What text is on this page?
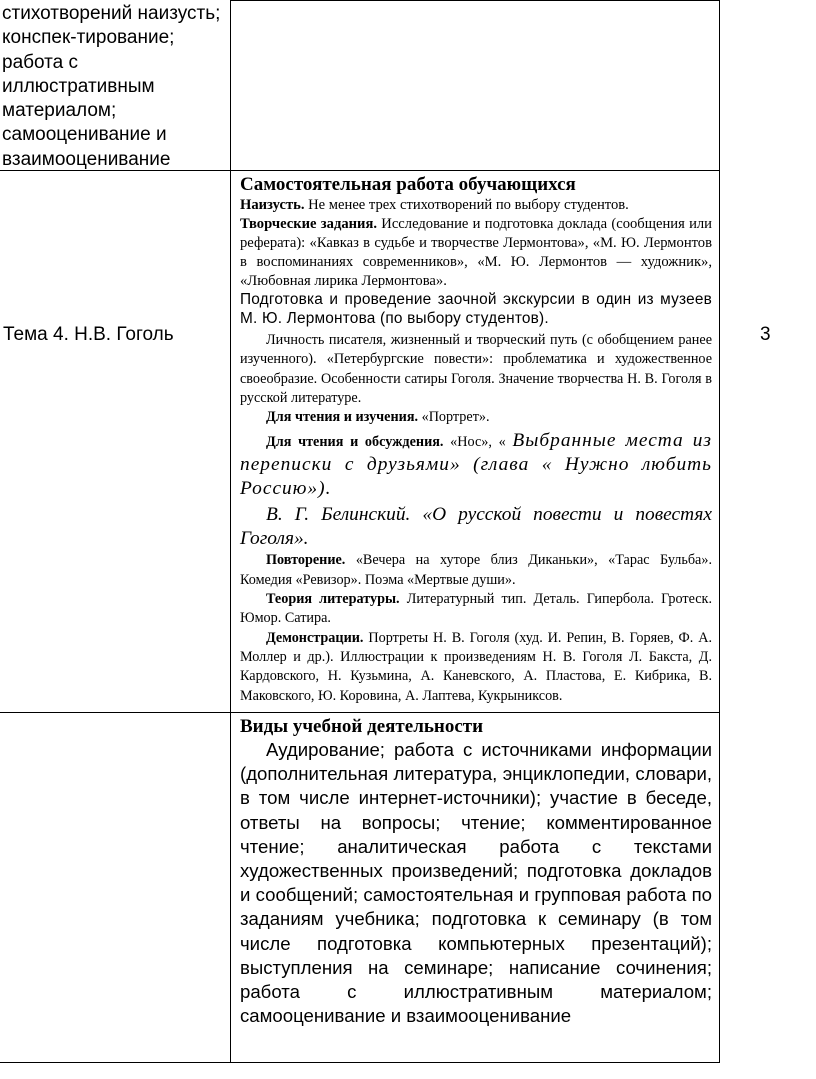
стихотворений наизусть; конспек-тирование; работа с иллюстративным материалом; самооценивание и взаимооценивание
Самостоятельная работа обучающихся

Наизусть. Не менее трех стихотворений по выбору студентов.

Творческие задания. Исследование и подготовка доклада (сообщения или реферата): «Кавказ в судьбе и творчестве Лермонтова», «М. Ю. Лермонтов в воспоминаниях современников», «М. Ю. Лермонтов — художник», «Любовная лирика Лермонтова».

Подготовка и проведение заочной экскурсии в один из музеев М. Ю. Лермонтова (по выбору студентов).

Тема 4. Н.В. Гоголь	3

Личность писателя, жизненный и творческий путь (с обобщением ранее изученного). «Петербургские повести»: проблематика и художественное своеобразие. Особенности сатиры Гоголя. Значение творчества Н. В. Гоголя в русской литературе.

Для чтения и изучения. «Портрет».

Для чтения и обсуждения. «Нос», « Выбранные места из переписки с друзьями» (глава « Нужно любить Россию»).

В. Г. Белинский. «О русской повести и повестях Гоголя».

Повторение. «Вечера на хуторе близ Диканьки», «Тарас Бульба». Комедия «Ревизор». Поэма «Мертвые души».

Теория литературы. Литературный тип. Деталь. Гипербола. Гротеск. Юмор. Сатира.

Демонстрации. Портреты Н. В. Гоголя (худ. И. Репин, В. Горяев, Ф. А. Моллер и др.). Иллюстрации к произведениям Н. В. Гоголя Л. Бакста, Д. Кардовского, Н. Кузьмина, А. Каневского, А. Пластова, Е. Кибрика, В. Маковского, Ю. Коровина, А. Лаптева, Кукрыниксов.

Виды учебной деятельности

Аудирование; работа с источниками информации (дополнительная литература, энциклопедии, словари, в том числе интернет-источники); участие в беседе, ответы на вопросы; чтение; комментированное чтение; аналитическая работа с текстами художественных произведений; подготовка докладов и сообщений; самостоятельная и групповая работа по заданиям учебника; подготовка к семинару (в том числе подготовка компьютерных презентаций); выступления на семинаре; написание сочинения; работа с иллюстративным материалом; самооценивание и взаимооценивание
